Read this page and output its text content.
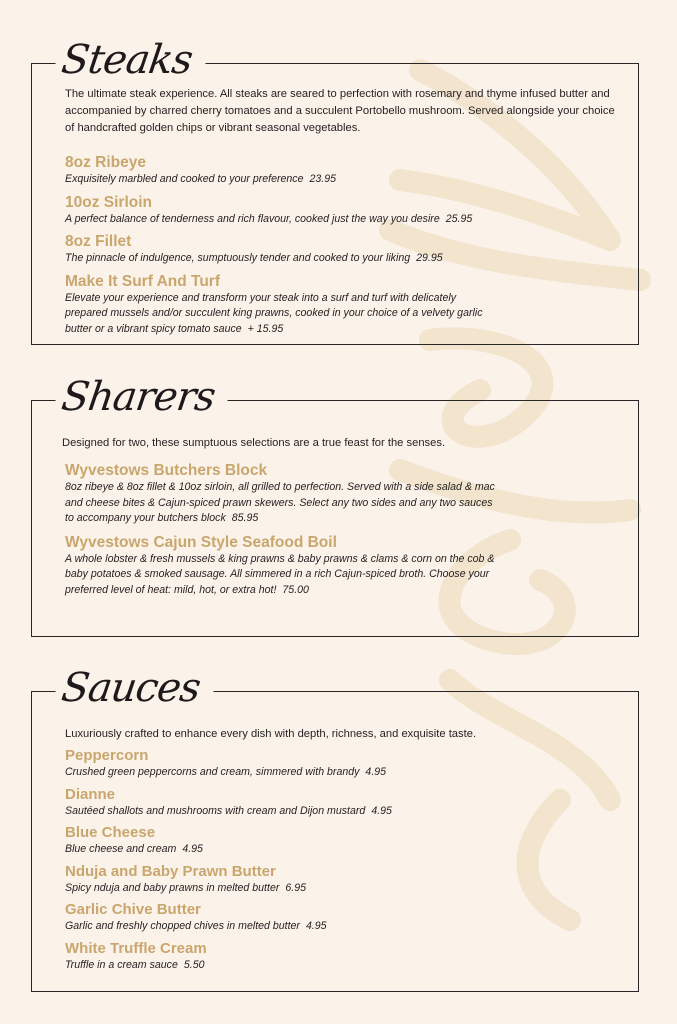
Steaks

The ultimate steak experience. All steaks are seared to perfection with rosemary and thyme infused butter and accompanied by charred cherry tomatoes and a succulent Portobello mushroom. Served alongside your choice of handcrafted golden chips or vibrant seasonal vegetables.

8oz Ribeye

Exquisitely marbled and cooked to your preference 23.95

10oz Sirloin

A perfect balance of tenderness and rich flavour, cooked just the way you desire 25.95

8oz Fillet

The pinnacle of indulgence, sumptuously tender and cooked to your liking 29.95

Make It Surf And Turf

Elevate your experience and transform your steak into a surf and turf with delicately prepared mussels and/or succulent king prawns, cooked in your choice of a velvety garlic butter or a vibrant spicy tomato sauce + 15.95

Sharers

Designed for two, these sumptuous selections are a true feast for the senses.

Wyvestows Butchers Block

8oz ribeye & 8oz fillet & 10oz sirloin, all grilled to perfection. Served with a side salad & mac and cheese bites & Cajun-spiced prawn skewers. Select any two sides and any two sauces to accompany your butchers block 85.95

Wyvestows Cajun Style Seafood Boil

A whole lobster & fresh mussels & king prawns & baby prawns & clams & corn on the cob & baby potatoes & smoked sausage. All simmered in a rich Cajun-spiced broth. Choose your preferred level of heat: mild, hot, or extra hot! 75.00

Sauces

Luxuriously crafted to enhance every dish with depth, richness, and exquisite taste.

Peppercorn

Crushed green peppercorns and cream, simmered with brandy 4.95

Dianne

Sautéed shallots and mushrooms with cream and Dijon mustard 4.95

Blue Cheese

Blue cheese and cream 4.95

Nduja and Baby Prawn Butter

Spicy nduja and baby prawns in melted butter 6.95

Garlic Chive Butter

Garlic and freshly chopped chives in melted butter 4.95

White Truffle Cream

Truffle in a cream sauce 5.50
